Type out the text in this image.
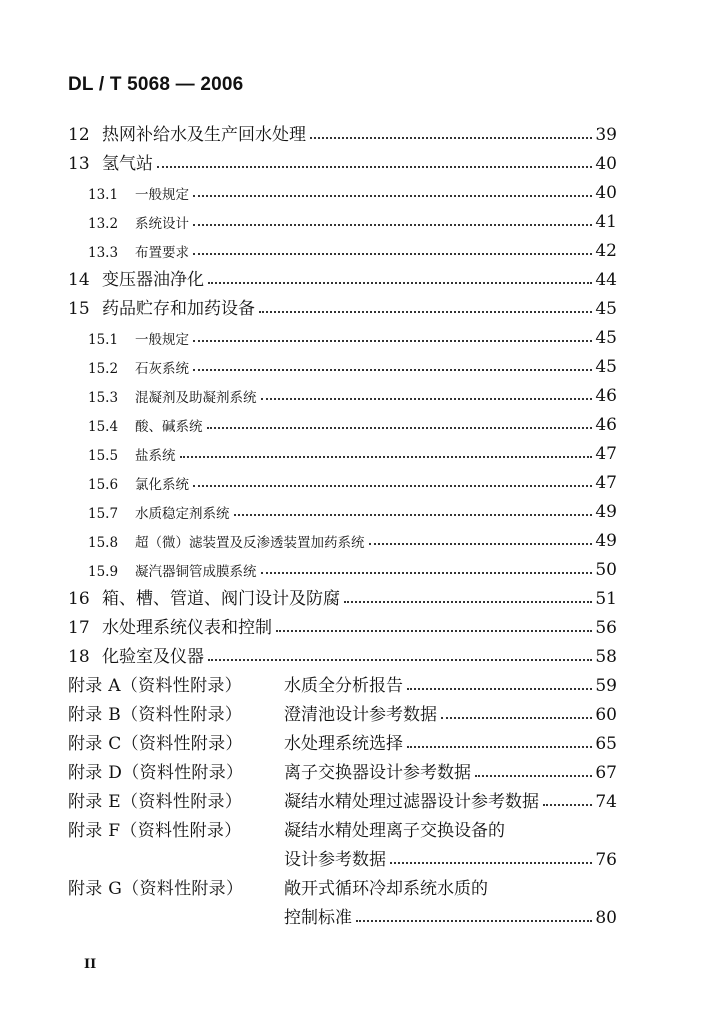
DL / T 5068 — 2006
12 热网补给水及生产回水处理	39
13 氢气站	40
13.1	一般规定	40
13.2	系统设计	41
13.3	布置要求	42
14 变压器油净化	44
15 药品贮存和加药设备	45
15.1	一般规定	45
15.2	石灰系统	45
15.3	混凝剂及助凝剂系统	46
15.4	酸、碱系统	46
15.5	盐系统	47
15.6	氯化系统	47
15.7	水质稳定剂系统	49
15.8	超（微）滤装置及反渗透装置加药系统	49
15.9	凝汽器铜管成膜系统	50
16 箱、槽、管道、阀门设计及防腐	51
17 水处理系统仪表和控制	56
18 化验室及仪器	58
附录 A（资料性附录）	水质全分析报告	59
附录 B（资料性附录）	澄清池设计参考数据	60
附录 C（资料性附录）	水处理系统选择	65
附录 D（资料性附录）	离子交换器设计参考数据	67
附录 E（资料性附录）	凝结水精处理过滤器设计参考数据	74
附录 F（资料性附录）	凝结水精处理离子交换设备的
设计参考数据	76
附录 G（资料性附录）	敞开式循环冷却系统水质的
控制标准	80
II
